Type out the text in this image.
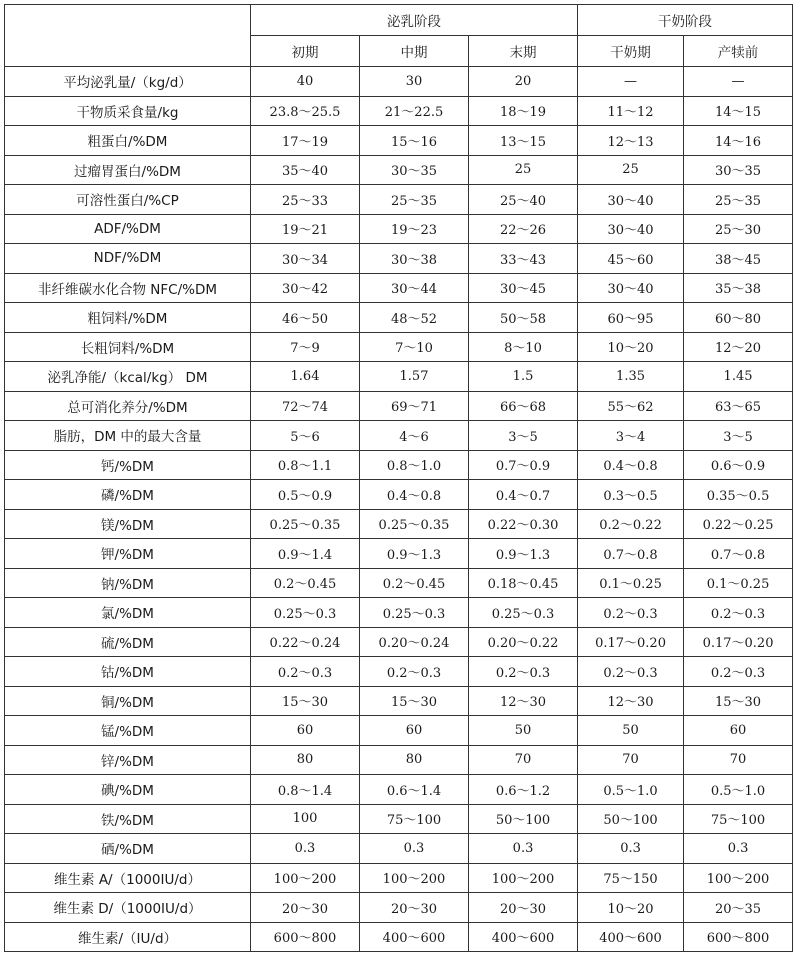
	泌乳阶段			干奶阶段	
	初期	中期	末期	干奶期	产犊前
平均泌乳量/（kg/d）	40	30	20	—	—
干物质采食量/kg	23.8～25.5	21～22.5	18～19	11～12	14～15
粗蛋白/%DM	17～19	15～16	13～15	12～13	14～16
过瘤胃蛋白/%DM	35～40	30～35	25	25	30～35
可溶性蛋白/%CP	25～33	25～35	25～40	30～40	25～35
ADF/%DM	19～21	19～23	22～26	30～40	25～30
NDF/%DM	30～34	30～38	33～43	45～60	38～45
非纤维碳水化合物 NFC/%DM	30～42	30～44	30～45	30～40	35～38
粗饲料/%DM	46～50	48～52	50～58	60～95	60～80
长粗饲料/%DM	7～9	7～10	8～10	10～20	12～20
泌乳净能/（kcal/kg） DM	1.64	1.57	1.5	1.35	1.45
总可消化养分/%DM	72～74	69～71	66～68	55～62	63～65
脂肪，DM 中的最大含量	5～6	4～6	3～5	3～4	3～5
钙/%DM	0.8～1.1	0.8～1.0	0.7～0.9	0.4～0.8	0.6～0.9
磷/%DM	0.5～0.9	0.4～0.8	0.4～0.7	0.3～0.5	0.35～0.5
镁/%DM	0.25～0.35	0.25～0.35	0.22～0.30	0.2～0.22	0.22～0.25
钾/%DM	0.9～1.4	0.9～1.3	0.9～1.3	0.7～0.8	0.7～0.8
钠/%DM	0.2～0.45	0.2～0.45	0.18～0.45	0.1～0.25	0.1～0.25
氯/%DM	0.25～0.3	0.25～0.3	0.25～0.3	0.2～0.3	0.2～0.3
硫/%DM	0.22～0.24	0.20～0.24	0.20～0.22	0.17～0.20	0.17～0.20
钴/%DM	0.2～0.3	0.2～0.3	0.2～0.3	0.2～0.3	0.2～0.3
铜/%DM	15～30	15～30	12～30	12～30	15～30
锰/%DM	60	60	50	50	60
锌/%DM	80	80	70	70	70
碘/%DM	0.8～1.4	0.6～1.4	0.6～1.2	0.5～1.0	0.5～1.0
铁/%DM	100	75～100	50～100	50～100	75～100
硒/%DM	0.3	0.3	0.3	0.3	0.3
维生素 A/（1000IU/d）	100～200	100～200	100～200	75～150	100～200
维生素 D/（1000IU/d）	20～30	20～30	20～30	10～20	20～35
维生素/（IU/d）	600～800	400～600	400～600	400～600	600～800
